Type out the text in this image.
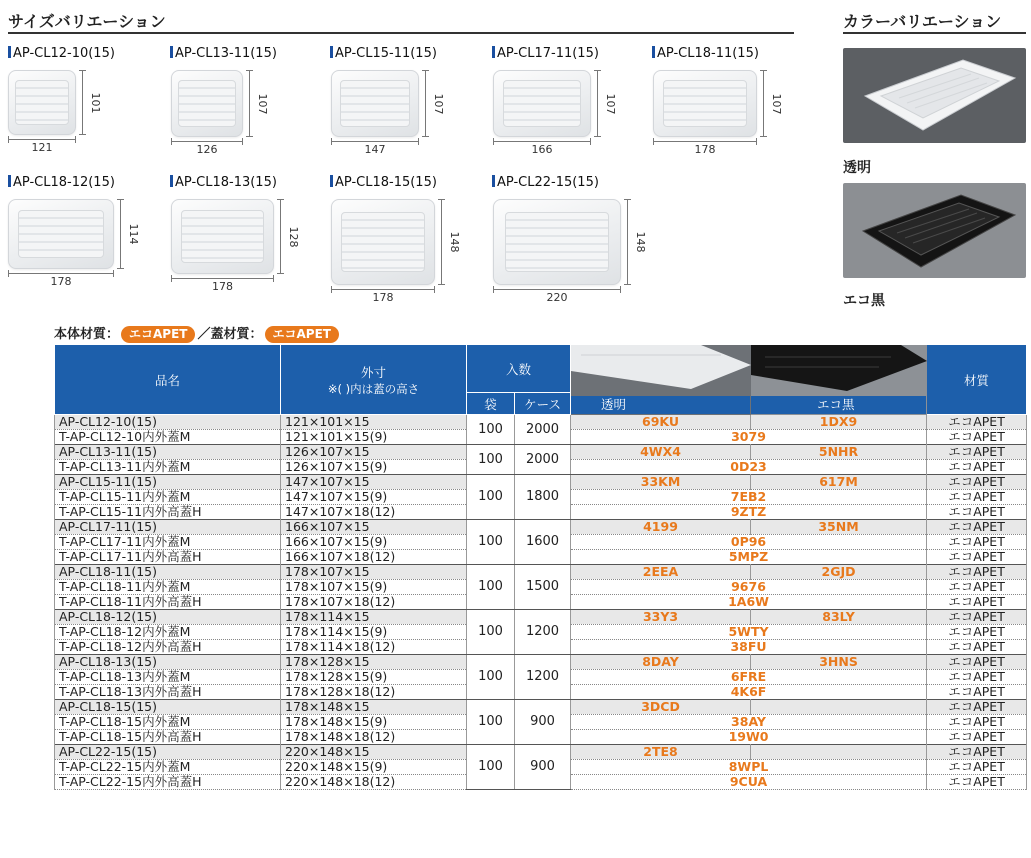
サイズバリエーション	カラーバリエーション
AP-CL12-10(15)
121
101
AP-CL13-11(15)
126
107
AP-CL15-11(15)
147
107
AP-CL17-11(15)
166
107
AP-CL18-11(15)
178
107
AP-CL18-12(15)
178
114
AP-CL18-13(15)
178
128
AP-CL18-15(15)
178
148
AP-CL22-15(15)
220
148
透明
エコ黒
本体材質： エコAPET ／蓋材質： エコAPET
品名	外寸
※( )内は蓋の高さ	入数		透明	エコ黒	材質
		袋	ケース			
AP-CL12-10(15)	121×101×15	100	2000	69KU	1DX9	エコAPET
T-AP-CL12-10内外蓋M	121×101×15(9)			3079		エコAPET
AP-CL13-11(15)	126×107×15	100	2000	4WX4	5NHR	エコAPET
T-AP-CL13-11内外蓋M	126×107×15(9)			0D23		エコAPET
AP-CL15-11(15)	147×107×15	100	1800	33KM	617M	エコAPET
T-AP-CL15-11内外蓋M	147×107×15(9)			7EB2		エコAPET
T-AP-CL15-11内外高蓋H	147×107×18(12)			9ZTZ		エコAPET
AP-CL17-11(15)	166×107×15	100	1600	4199	35NM	エコAPET
T-AP-CL17-11内外蓋M	166×107×15(9)			0P96		エコAPET
T-AP-CL17-11内外高蓋H	166×107×18(12)			5MPZ		エコAPET
AP-CL18-11(15)	178×107×15	100	1500	2EEA	2GJD	エコAPET
T-AP-CL18-11内外蓋M	178×107×15(9)			9676		エコAPET
T-AP-CL18-11内外高蓋H	178×107×18(12)			1A6W		エコAPET
AP-CL18-12(15)	178×114×15	100	1200	33Y3	83LY	エコAPET
T-AP-CL18-12内外蓋M	178×114×15(9)			5WTY		エコAPET
T-AP-CL18-12内外高蓋H	178×114×18(12)			38FU		エコAPET
AP-CL18-13(15)	178×128×15	100	1200	8DAY	3HNS	エコAPET
T-AP-CL18-13内外蓋M	178×128×15(9)			6FRE		エコAPET
T-AP-CL18-13内外高蓋H	178×128×18(12)			4K6F		エコAPET
AP-CL18-15(15)	178×148×15	100	900	3DCD		エコAPET
T-AP-CL18-15内外蓋M	178×148×15(9)			38AY		エコAPET
T-AP-CL18-15内外高蓋H	178×148×18(12)			19W0		エコAPET
AP-CL22-15(15)	220×148×15	100	900	2TE8		エコAPET
T-AP-CL22-15内外蓋M	220×148×15(9)			8WPL		エコAPET
T-AP-CL22-15内外高蓋H	220×148×18(12)			9CUA		エコAPET
